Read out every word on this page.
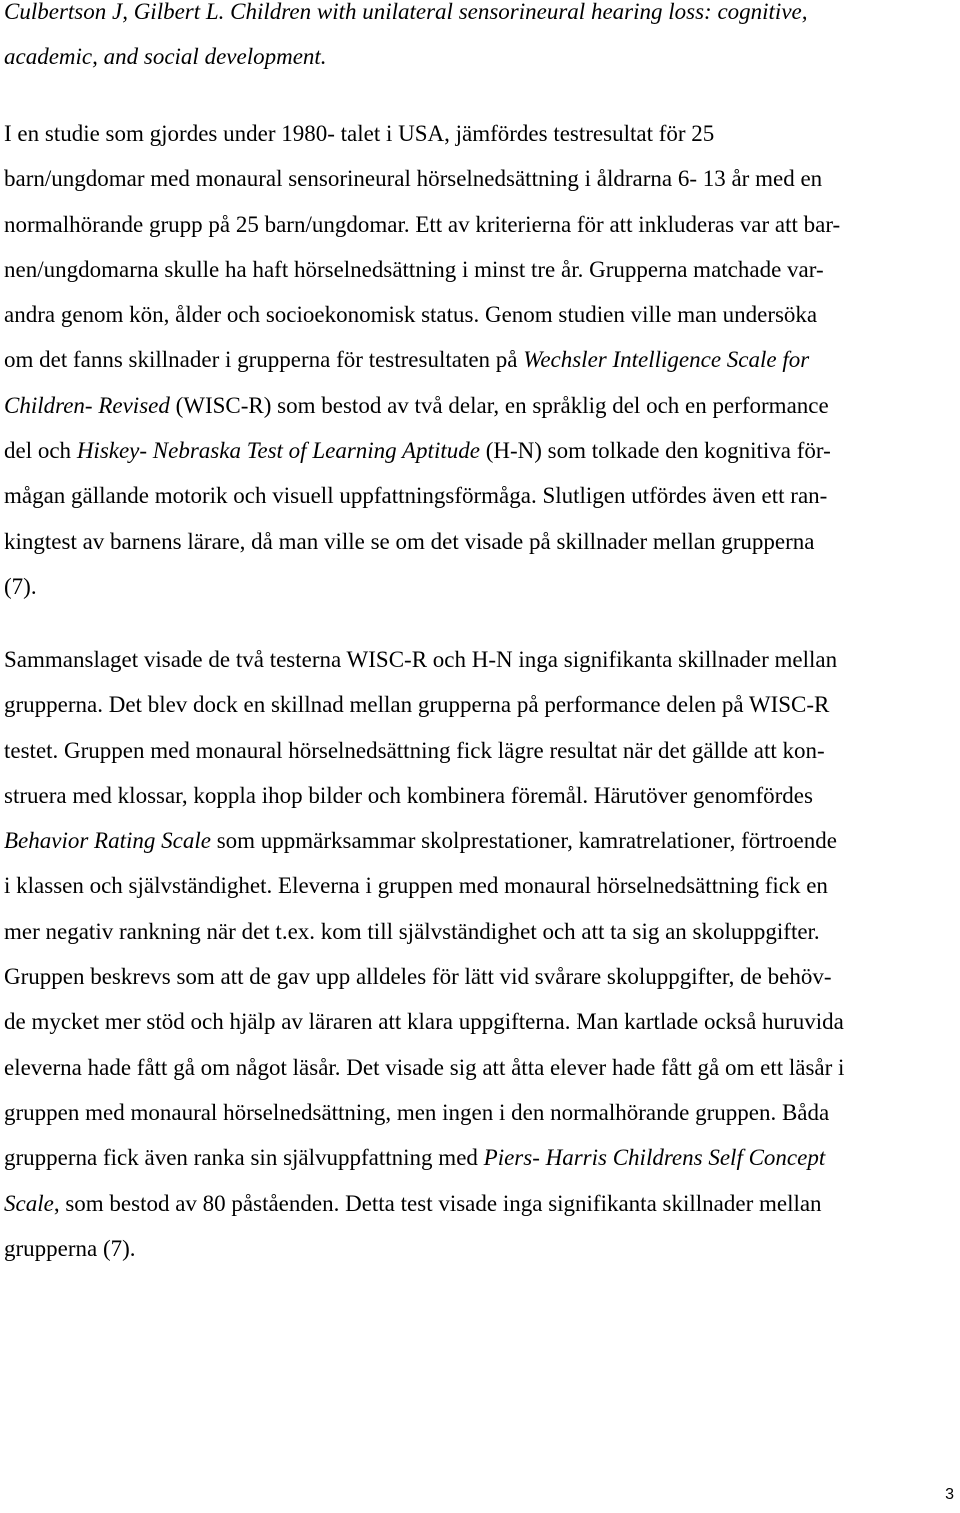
Culbertson J, Gilbert L. Children with unilateral sensorineural hearing loss: cognitive,
academic, and social development.
I en studie som gjordes under 1980- talet i USA, jämfördes testresultat för 25
barn/ungdomar med monaural sensorineural hörselnedsättning i åldrarna 6- 13 år med en
normalhörande grupp på 25 barn/ungdomar. Ett av kriterierna för att inkluderas var att bar-
nen/ungdomarna skulle ha haft hörselnedsättning i minst tre år. Grupperna matchade var-
andra genom kön, ålder och socioekonomisk status. Genom studien ville man undersöka
om det fanns skillnader i grupperna för testresultaten på Wechsler Intelligence Scale for
Children- Revised (WISC-R) som bestod av två delar, en språklig del och en performance
del och Hiskey- Nebraska Test of Learning Aptitude (H-N) som tolkade den kognitiva för-
mågan gällande motorik och visuell uppfattningsförmåga. Slutligen utfördes även ett ran-
kingtest av barnens lärare, då man ville se om det visade på skillnader mellan grupperna
(7).
Sammanslaget visade de två testerna WISC-R och H-N inga signifikanta skillnader mellan
grupperna. Det blev dock en skillnad mellan grupperna på performance delen på WISC-R
testet. Gruppen med monaural hörselnedsättning fick lägre resultat när det gällde att kon-
struera med klossar, koppla ihop bilder och kombinera föremål. Härutöver genomfördes
Behavior Rating Scale som uppmärksammar skolprestationer, kamratrelationer, förtroende
i klassen och självständighet. Eleverna i gruppen med monaural hörselnedsättning fick en
mer negativ rankning när det t.ex. kom till självständighet och att ta sig an skoluppgifter.
Gruppen beskrevs som att de gav upp alldeles för lätt vid svårare skoluppgifter, de behöv-
de mycket mer stöd och hjälp av läraren att klara uppgifterna. Man kartlade också huruvida
eleverna hade fått gå om något läsår. Det visade sig att åtta elever hade fått gå om ett läsår i
gruppen med monaural hörselnedsättning, men ingen i den normalhörande gruppen. Båda
grupperna fick även ranka sin självuppfattning med Piers- Harris Childrens Self Concept
Scale, som bestod av 80 påståenden. Detta test visade inga signifikanta skillnader mellan
grupperna (7).
3
